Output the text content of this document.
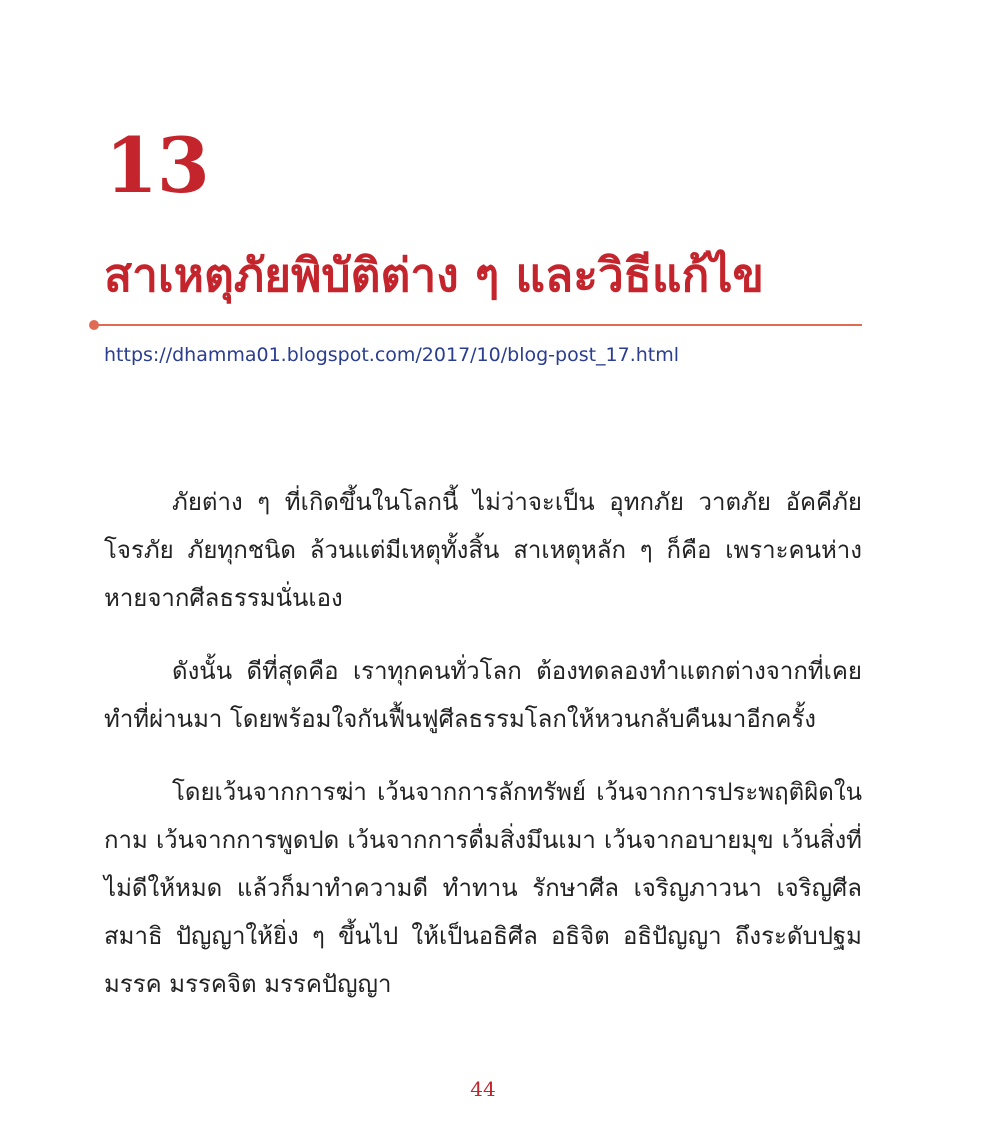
13
สาเหตุภัยพิบัติต่าง ๆ และวิธีแก้ไข
https://dhamma01.blogspot.com/2017/10/blog-post_17.html

ภัยต่าง ๆ ที่เกิดขึ้นในโลกนี้ ไม่ว่าจะเป็น อุทกภัย วาตภัย อัคคีภัย โจรภัย ภัยทุกชนิด ล้วนแต่มีเหตุทั้งสิ้น สาเหตุหลัก ๆ ก็คือ เพราะคนห่างหายจากศีลธรรมนั่นเอง

ดังนั้น ดีที่สุดคือ เราทุกคนทั่วโลก ต้องทดลองทำแตกต่างจากที่เคยทำที่ผ่านมา โดยพร้อมใจกันฟื้นฟูศีลธรรมโลกให้หวนกลับคืนมาอีกครั้ง

โดยเว้นจากการฆ่า เว้นจากการลักทรัพย์ เว้นจากการประพฤติผิดในกาม เว้นจากการพูดปด เว้นจากการดื่มสิ่งมึนเมา เว้นจากอบายมุข เว้นสิ่งที่ไม่ดีให้หมด แล้วก็มาทำความดี ทำทาน รักษาศีล เจริญภาวนา เจริญศีล สมาธิ ปัญญาให้ยิ่ง ๆ ขึ้นไป ให้เป็นอธิศีล อธิจิต อธิปัญญา ถึงระดับปฐมมรรค มรรคจิต มรรคปัญญา

44
